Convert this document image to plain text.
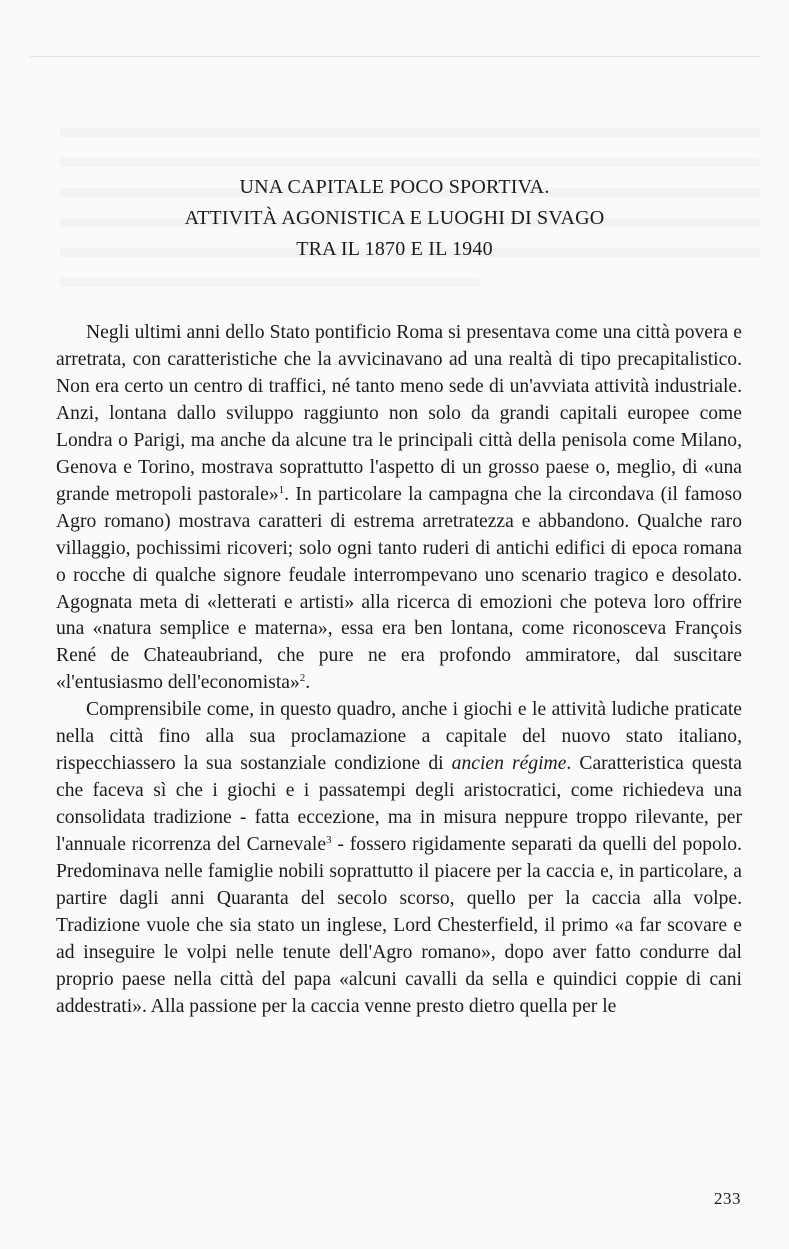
UNA CAPITALE POCO SPORTIVA.
ATTIVITÀ AGONISTICA E LUOGHI DI SVAGO
TRA IL 1870 E IL 1940

Negli ultimi anni dello Stato pontificio Roma si presentava come una città povera e arretrata, con caratteristiche che la avvicinavano ad una realtà di tipo precapitalistico. Non era certo un centro di traffici, né tanto meno sede di un'avviata attività industriale. Anzi, lontana dallo sviluppo raggiunto non solo da grandi capitali europee come Londra o Parigi, ma anche da alcune tra le principali città della penisola come Milano, Genova e Torino, mostrava soprattutto l'aspetto di un grosso paese o, meglio, di «una grande metropoli pastorale»$^1$. In particolare la campagna che la circondava (il famoso Agro romano) mostrava caratteri di estrema arretratezza e abbandono. Qualche raro villaggio, pochissimi ricoveri; solo ogni tanto ruderi di antichi edifici di epoca romana o rocche di qualche signore feudale interrompevano uno scenario tragico e desolato. Agognata meta di «letterati e artisti» alla ricerca di emozioni che poteva loro offrire una «natura semplice e materna», essa era ben lontana, come riconosceva François René de Chateaubriand, che pure ne era profondo ammiratore, dal suscitare «l'entusiasmo dell'economista»$^2$.

Comprensibile come, in questo quadro, anche i giochi e le attività ludiche praticate nella città fino alla sua proclamazione a capitale del nuovo stato italiano, rispecchiassero la sua sostanziale condizione di ancien régime. Caratteristica questa che faceva sì che i giochi e i passatempi degli aristocratici, come richiedeva una consolidata tradizione - fatta eccezione, ma in misura neppure troppo rilevante, per l'annuale ricorrenza del Carnevale$^3$ - fossero rigidamente separati da quelli del popolo. Predominava nelle famiglie nobili soprattutto il piacere per la caccia e, in particolare, a partire dagli anni Quaranta del secolo scorso, quello per la caccia alla volpe. Tradizione vuole che sia stato un inglese, Lord Chesterfield, il primo «a far scovare e ad inseguire le volpi nelle tenute dell'Agro romano», dopo aver fatto condurre dal proprio paese nella città del papa «alcuni cavalli da sella e quindici coppie di cani addestrati». Alla passione per la caccia venne presto dietro quella per le

233
